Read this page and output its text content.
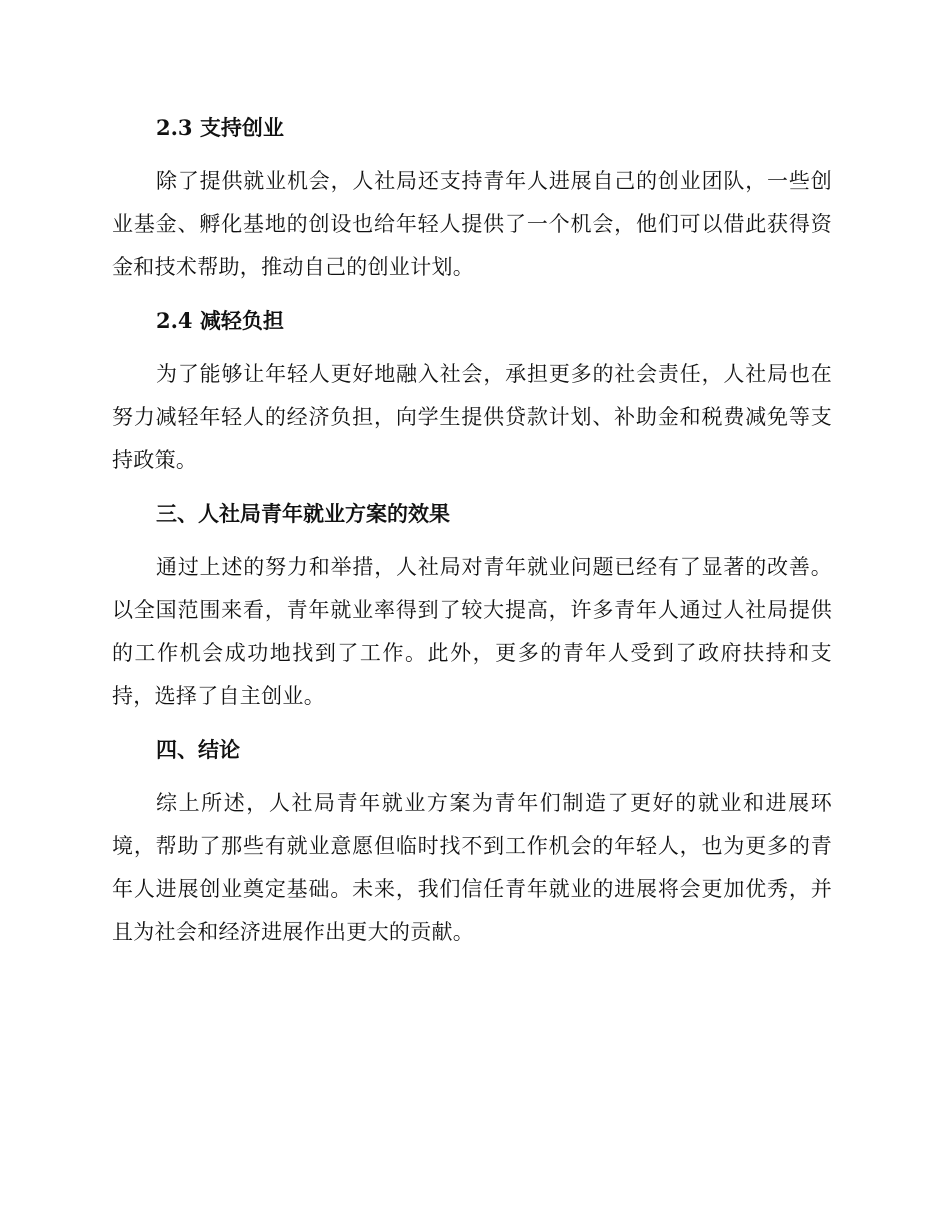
2.3 支持创业

除了提供就业机会，人社局还支持青年人进展自己的创业团队，一些创业基金、孵化基地的创设也给年轻人提供了一个机会，他们可以借此获得资金和技术帮助，推动自己的创业计划。

2.4 减轻负担

为了能够让年轻人更好地融入社会，承担更多的社会责任，人社局也在努力减轻年轻人的经济负担，向学生提供贷款计划、补助金和税费减免等支持政策。

三、人社局青年就业方案的效果

通过上述的努力和举措，人社局对青年就业问题已经有了显著的改善。以全国范围来看，青年就业率得到了较大提高，许多青年人通过人社局提供的工作机会成功地找到了工作。此外，更多的青年人受到了政府扶持和支持，选择了自主创业。

四、结论

综上所述，人社局青年就业方案为青年们制造了更好的就业和进展环境，帮助了那些有就业意愿但临时找不到工作机会的年轻人，也为更多的青年人进展创业奠定基础。未来，我们信任青年就业的进展将会更加优秀，并且为社会和经济进展作出更大的贡献。
